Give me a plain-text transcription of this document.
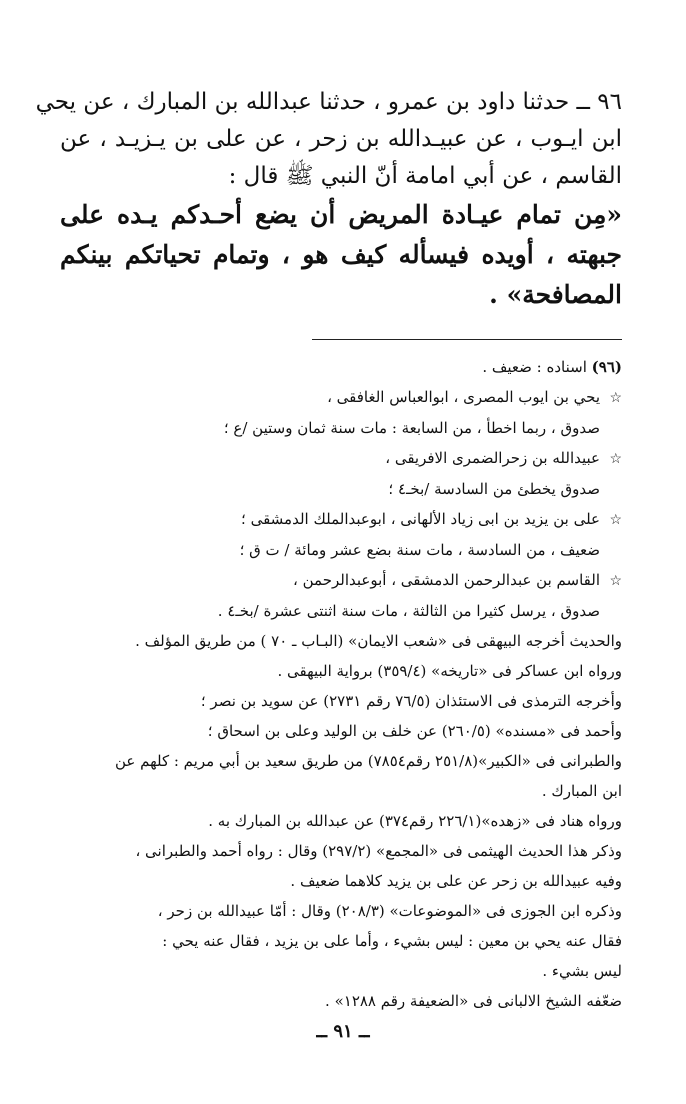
٩٦ ــ حدثنا داود بن عمرو ، حدثنا عبدالله بن المبارك ، عن يحي
ابن ايـوب ، عن عبيـدالله بن زحر ، عن على بن يـزيـد ، عن
القاسم ، عن أبي امامة أنّ النبي ﷺ قال :
«مِن تمام عيـادة المريض أن يضع أحـدكم يـده على
جبهته ، أويده فيسأله كيف هو ، وتمام تحياتكم بينكم
المصافحة» .
(٩٦) اسناده : ضعيف .
☆يحي بن ايوب المصرى ، ابوالعباس الغافقى ،
صدوق ، ربما اخطأ ، من السابعة : مات سنة ثمان وستين /ع ؛
☆عبيدالله بن زحرالضمرى الافريقى ،
صدوق يخطئ من السادسة /بخ‍ـ٤ ؛
☆على بن يزيد بن ابى زياد الألهانى ، ابوعبدالملك الدمشقى ؛
ضعيف ، من السادسة ، مات سنة بضع عشر ومائة / ت ق ؛
☆القاسم بن عبدالرحمن الدمشقى ، أبوعبدالرحمن ،
صدوق ، يرسل كثيرا من الثالثة ، مات سنة اثنتى عشرة /بخ‍ـ٤ .
والحديث أخرجه البيهقى فى «شعب الايمان» (البـاب ـ ٧٠ ) من طريق المؤلف .
ورواه ابن عساكر فى «تاريخه» (٣٥٩/٤) برواية البيهقى .
وأخرجه الترمذى فى الاستئذان (٧٦/٥ رقم ٢٧٣١) عن سويد بن نصر ؛
وأحمد فى «مسنده» (٢٦٠/٥) عن خلف بن الوليد وعلى بن اسحاق ؛
والطبرانى فى «الكبير»(٢٥١/٨ رقم٧٨٥٤) من طريق سعيد بن أبي مريم : كلهم عن
ابن المبارك .
ورواه هناد فى «زهده»(٢٢٦/١ رقم٣٧٤) عن عبدالله بن المبارك به .
وذكر هذا الحديث الهيثمى فى «المجمع» (٢٩٧/٢) وقال : رواه أحمد والطبرانى ،
وفيه عبيدالله بن زحر عن على بن يزيد كلاهما ضعيف .
وذكره ابن الجوزى فى «الموضوعات» (٢٠٨/٣) وقال : أمّا عبيدالله بن زحر ،
فقال عنه يحي بن معين : ليس بشيء ، وأما على بن يزيد ، فقال عنه يحي :
ليس بشيء .
ضعّفه الشيخ الالبانى فى «الضعيفة رقم ١٢٨٨» .
ــ ٩١ ــ
